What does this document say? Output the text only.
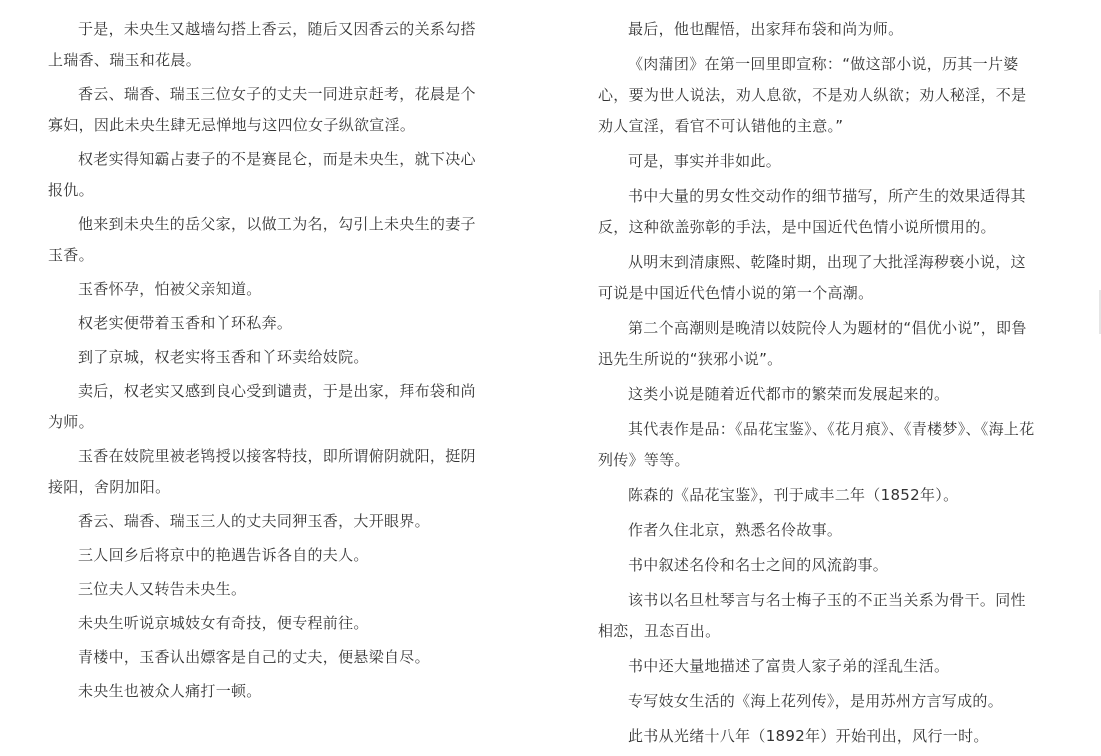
于是，未央生又越墙勾搭上香云，随后又因香云的关系勾搭上瑞香、瑞玉和花晨。

香云、瑞香、瑞玉三位女子的丈夫一同进京赶考，花晨是个寡妇，因此未央生肆无忌惮地与这四位女子纵欲宣淫。

权老实得知霸占妻子的不是赛昆仑，而是未央生，就下决心报仇。

他来到未央生的岳父家，以做工为名，勾引上未央生的妻子玉香。

玉香怀孕，怕被父亲知道。

权老实便带着玉香和丫环私奔。

到了京城，权老实将玉香和丫环卖给妓院。

卖后，权老实又感到良心受到谴责，于是出家，拜布袋和尚为师。

玉香在妓院里被老鸨授以接客特技，即所谓俯阴就阳，挺阴接阳，舍阴加阳。

香云、瑞香、瑞玉三人的丈夫同狎玉香，大开眼界。

三人回乡后将京中的艳遇告诉各自的夫人。

三位夫人又转告未央生。

未央生听说京城妓女有奇技，便专程前往。

青楼中，玉香认出嫖客是自己的丈夫，便悬梁自尽。

未央生也被众人痛打一顿。

最后，他也醒悟，出家拜布袋和尚为师。

《肉蒲团》在第一回里即宣称：“做这部小说，历其一片婆心，要为世人说法，劝人息欲，不是劝人纵欲；劝人秘淫，不是劝人宣淫，看官不可认错他的主意。”

可是，事实并非如此。

书中大量的男女性交动作的细节描写，所产生的效果适得其反，这种欲盖弥彰的手法，是中国近代色情小说所惯用的。

从明末到清康熙、乾隆时期，出现了大批淫海秽亵小说，这可说是中国近代色情小说的第一个高潮。

第二个高潮则是晚清以妓院伶人为题材的“倡优小说”，即鲁迅先生所说的“狭邪小说”。

这类小说是随着近代都市的繁荣而发展起来的。

其代表作是品：《品花宝鉴》、《花月痕》、《青楼梦》、《海上花列传》等等。

陈森的《品花宝鉴》，刊于咸丰二年（1852年）。

作者久住北京，熟悉名伶故事。

书中叙述名伶和名士之间的风流韵事。

该书以名旦杜琴言与名士梅子玉的不正当关系为骨干。同性相恋，丑态百出。

书中还大量地描述了富贵人家子弟的淫乱生活。

专写妓女生活的《海上花列传》，是用苏州方言写成的。

此书从光绪十八年（1892年）开始刊出，风行一时。
